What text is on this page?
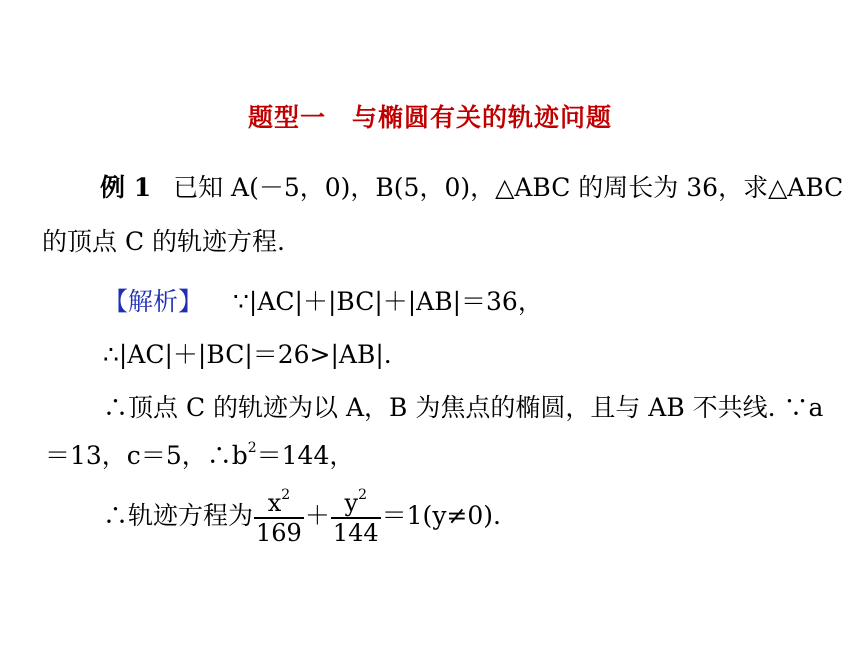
题型一 与椭圆有关的轨迹问题
例 1 已知 A(－5，0)，B(5，0)，△ABC 的周长为 36，求△ABC
的顶点 C 的轨迹方程.
【解析】 ∵|AC|＋|BC|＋|AB|＝36，
∴|AC|＋|BC|＝26>|AB|.
∴顶点 C 的轨迹为以 A，B 为焦点的椭圆，且与 AB 不共线. ∵a
＝13，c＝5，$\therefore b^2=144$，
∴轨迹方程为 $\frac{x^2}{169} + \frac{y^2}{144} =1(y\ne 0)$.
